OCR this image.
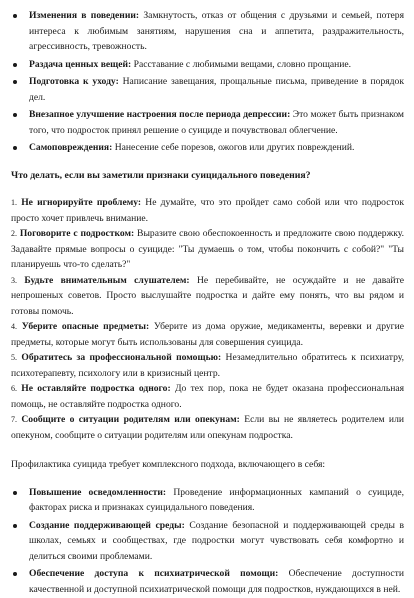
Изменения в поведении: Замкнутость, отказ от общения с друзьями и семьей, потеря интереса к любимым занятиям, нарушения сна и аппетита, раздражительность, агрессивность, тревожность.
Раздача ценных вещей: Расставание с любимыми вещами, словно прощание.
Подготовка к уходу: Написание завещания, прощальные письма, приведение в порядок дел.
Внезапное улучшение настроения после периода депрессии: Это может быть признаком того, что подросток принял решение о суициде и почувствовал облегчение.
Самоповреждения: Нанесение себе порезов, ожогов или других повреждений.
Что делать, если вы заметили признаки суицидального поведения?
1. Не игнорируйте проблему: Не думайте, что это пройдет само собой или что подросток просто хочет привлечь внимание.
2. Поговорите с подростком: Выразите свою обеспокоенность и предложите свою поддержку. Задавайте прямые вопросы о суициде: "Ты думаешь о том, чтобы покончить с собой?" "Ты планируешь что-то сделать?"
3. Будьте внимательным слушателем: Не перебивайте, не осуждайте и не давайте непрошеных советов. Просто выслушайте подростка и дайте ему понять, что вы рядом и готовы помочь.
4. Уберите опасные предметы: Уберите из дома оружие, медикаменты, веревки и другие предметы, которые могут быть использованы для совершения суицида.
5. Обратитесь за профессиональной помощью: Незамедлительно обратитесь к психиатру, психотерапевту, психологу или в кризисный центр.
6. Не оставляйте подростка одного: До тех пор, пока не будет оказана профессиональная помощь, не оставляйте подростка одного.
7. Сообщите о ситуации родителям или опекунам: Если вы не являетесь родителем или опекуном, сообщите о ситуации родителям или опекунам подростка.
Профилактика суицида требует комплексного подхода, включающего в себя:
Повышение осведомленности: Проведение информационных кампаний о суициде, факторах риска и признаках суицидального поведения.
Создание поддерживающей среды: Создание безопасной и поддерживающей среды в школах, семьях и сообществах, где подростки могут чувствовать себя комфортно и делиться своими проблемами.
Обеспечение доступа к психиатрической помощи: Обеспечение доступности качественной и доступной психиатрической помощи для подростков, нуждающихся в ней.
